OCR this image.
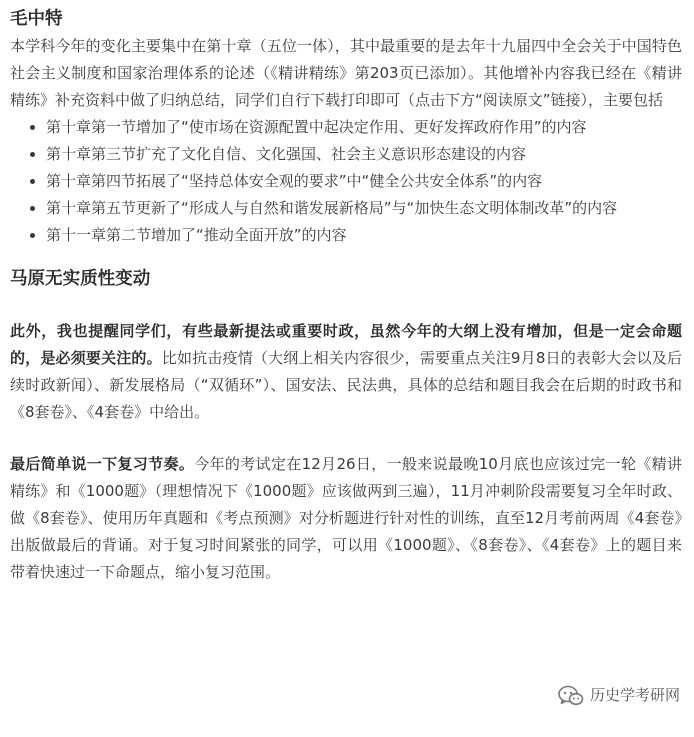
毛中特

本学科今年的变化主要集中在第十章（五位一体），其中最重要的是去年十九届四中全会关于中国特色社会主义制度和国家治理体系的论述（《精讲精练》第203页已添加）。其他增补内容我已经在《精讲精练》补充资料中做了归纳总结，同学们自行下载打印即可（点击下方“阅读原文”链接），主要包括

第十章第一节增加了“使市场在资源配置中起决定作用、更好发挥政府作用”的内容
第十章第三节扩充了文化自信、文化强国、社会主义意识形态建设的内容
第十章第四节拓展了“坚持总体安全观的要求”中“健全公共安全体系”的内容
第十章第五节更新了“形成人与自然和谐发展新格局”与“加快生态文明体制改革”的内容
第十一章第二节增加了“推动全面开放”的内容
马原无实质性变动

此外，我也提醒同学们，有些最新提法或重要时政，虽然今年的大纲上没有增加，但是一定会命题的，是必须要关注的。比如抗击疫情（大纲上相关内容很少，需要重点关注9月8日的表彰大会以及后续时政新闻）、新发展格局（“双循环”）、国安法、民法典，具体的总结和题目我会在后期的时政书和《8套卷》、《4套卷》中给出。

最后简单说一下复习节奏。今年的考试定在12月26日，一般来说最晚10月底也应该过完一轮《精讲精练》和《1000题》（理想情况下《1000题》应该做两到三遍），11月冲刺阶段需要复习全年时政、做《8套卷》、使用历年真题和《考点预测》对分析题进行针对性的训练，直至12月考前两周《4套卷》出版做最后的背诵。对于复习时间紧张的同学，可以用《1000题》、《8套卷》、《4套卷》上的题目来带着快速过一下命题点，缩小复习范围。

历史学考研网
